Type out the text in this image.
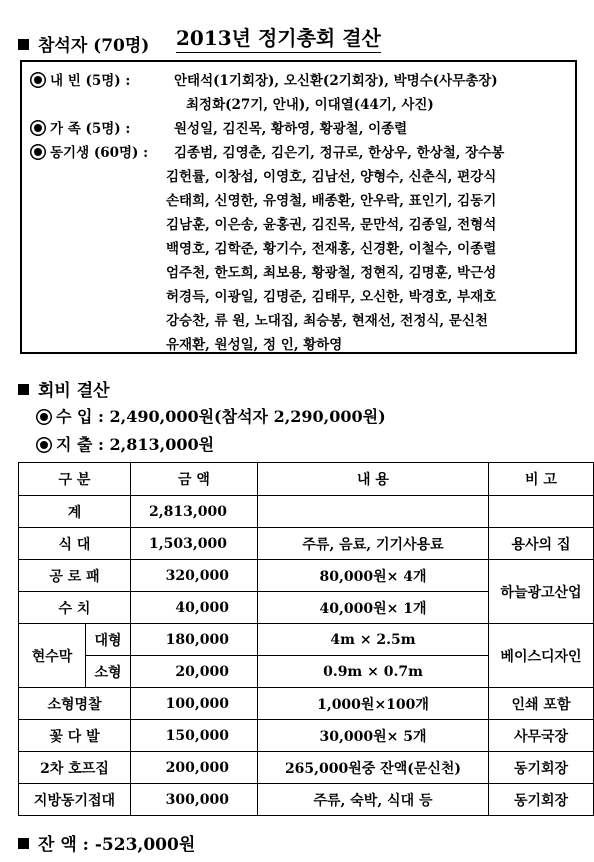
참석자 (70명) 2013년 정기총회 결산
내 빈 (5명) :	안태석(1기회장), 오신환(2기회장), 박명수(사무총장)
최정화(27기, 안내), 이대열(44기, 사진)
가 족 (5명) :	원성일, 김진목, 황하영, 황광철, 이종렬
동기생 (60명) : 김종범, 김영춘, 김은기, 정규로, 한상우, 한상철, 장수봉
김헌률, 이창섭, 이영호, 김남선, 양형수, 신춘식, 편강식
손태희, 신영한, 유영철, 배종환, 안우락, 표인기, 김동기
김남훈, 이은송, 윤홍권, 김진목, 문만석, 김종일, 전형석
백영호, 김학준, 황기수, 전재홍, 신경환, 이철수, 이종렬
엄주천, 한도희, 최보용, 황광철, 정현직, 김명훈, 박근성
허경득, 이광일, 김명준, 김태무, 오신한, 박경호, 부재호
강승찬, 류 원, 노대집, 최승봉, 현재선, 전정식, 문신천
유재환, 원성일, 정 인, 황하영
회비 결산
수 입 : 2,490,000원(참석자 2,290,000원)
지 출 : 2,813,000원
구 분		금 액	내 용	비 고
계		2,813,000		
식 대		1,503,000	주류, 음료, 기기사용료	용사의 집
공 로 패		320,000	80,000원× 4개	하늘광고산업
수 치		40,000	40,000원× 1개	
현수막	대형	180,000	4m × 2.5m	베이스디자인
	소형	20,000	0.9m × 0.7m	
소형명찰		100,000	1,000원×100개	인쇄 포함
꽃 다 발		150,000	30,000원× 5개	사무국장
2차 호프집		200,000	265,000원중 잔액(문신천)	동기회장
지방동기접대		300,000	주류, 숙박, 식대 등	동기회장
잔 액 : -523,000원
